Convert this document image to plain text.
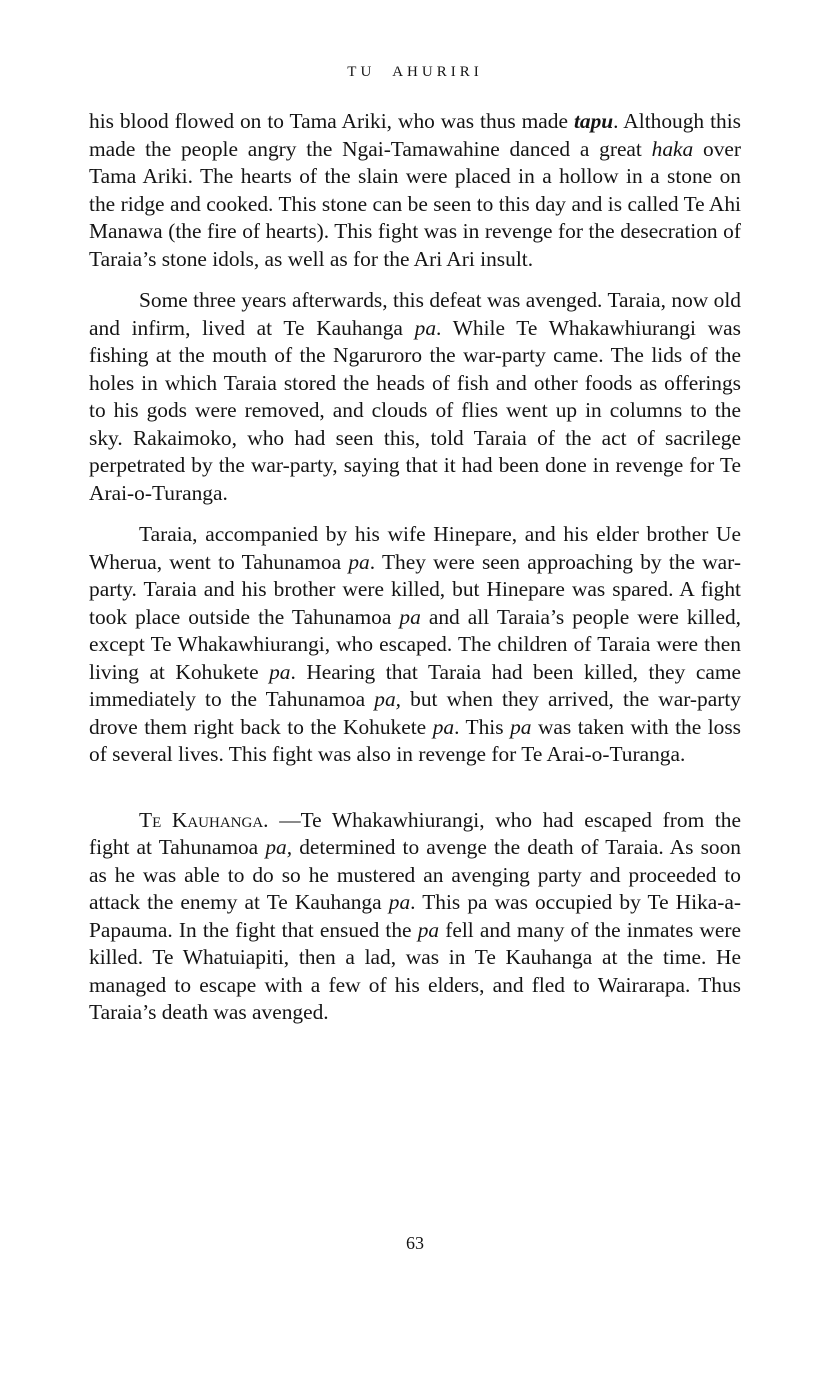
TU AHURIRI

his blood flowed on to Tama Ariki, who was thus made tapu. Although this made the people angry the Ngai-Tamawahine danced a great haka over Tama Ariki. The hearts of the slain were placed in a hollow in a stone on the ridge and cooked. This stone can be seen to this day and is called Te Ahi Manawa (the fire of hearts). This fight was in revenge for the desecration of Taraia’s stone idols, as well as for the Ari Ari insult.

Some three years afterwards, this defeat was avenged. Taraia, now old and infirm, lived at Te Kauhanga pa. While Te Whakawhiurangi was fishing at the mouth of the Ngaruroro the war-party came. The lids of the holes in which Taraia stored the heads of fish and other foods as offerings to his gods were removed, and clouds of flies went up in columns to the sky. Rakaimoko, who had seen this, told Taraia of the act of sacrilege perpetrated by the war-party, saying that it had been done in revenge for Te Arai-o-Turanga.

Taraia, accompanied by his wife Hinepare, and his elder brother Ue Wherua, went to Tahunamoa pa. They were seen approaching by the war-party. Taraia and his brother were killed, but Hinepare was spared. A fight took place outside the Tahunamoa pa and all Taraia’s people were killed, except Te Whakawhiurangi, who escaped. The children of Taraia were then living at Kohukete pa. Hearing that Taraia had been killed, they came immediately to the Tahunamoa pa, but when they arrived, the war-party drove them right back to the Kohukete pa. This pa was taken with the loss of several lives. This fight was also in revenge for Te Arai-o-Turanga.

Te Kauhanga. —Te Whakawhiurangi, who had escaped from the fight at Tahunamoa pa, determined to avenge the death of Taraia. As soon as he was able to do so he mustered an avenging party and proceeded to attack the enemy at Te Kauhanga pa. This pa was occupied by Te Hika-a-Papauma. In the fight that ensued the pa fell and many of the inmates were killed. Te Whatuiapiti, then a lad, was in Te Kauhanga at the time. He managed to escape with a few of his elders, and fled to Wairarapa. Thus Taraia’s death was avenged.

63
